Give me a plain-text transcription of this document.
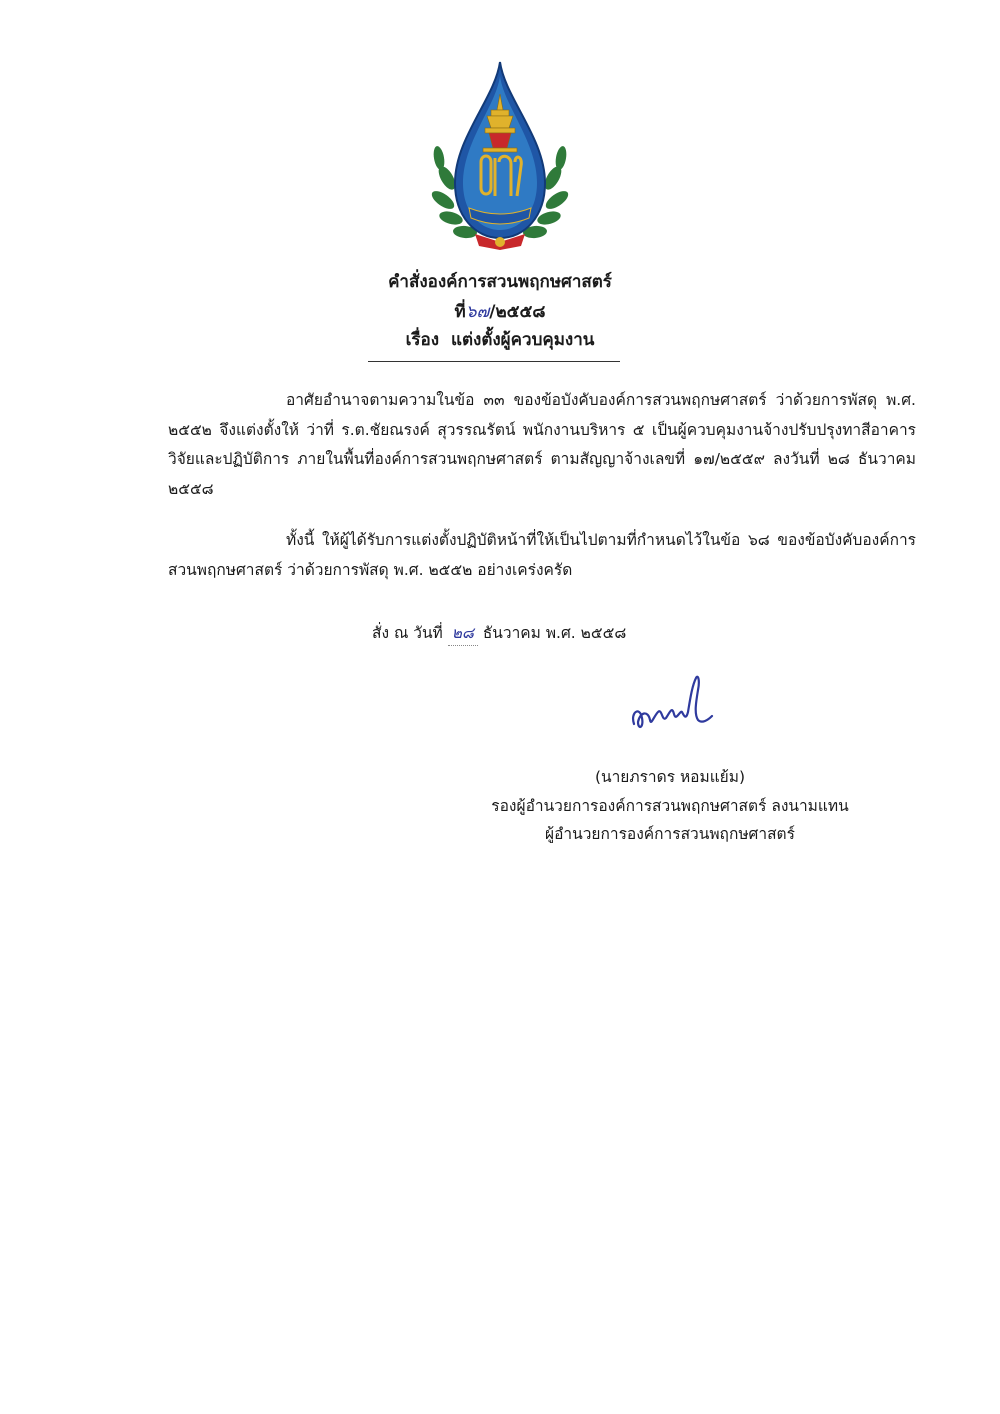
คำสั่งองค์การสวนพฤกษศาสตร์
ที่๖๗/๒๕๕๘
เรื่อง แต่งตั้งผู้ควบคุมงาน
อาศัยอำนาจตามความในข้อ ๓๓ ของข้อบังคับองค์การสวนพฤกษศาสตร์ ว่าด้วยการพัสดุ พ.ศ. ๒๕๕๒ จึงแต่งตั้งให้ ว่าที่ ร.ต.ชัยณรงค์ สุวรรณรัตน์ พนักงานบริหาร ๕ เป็นผู้ควบคุมงานจ้างปรับปรุงทาสีอาคารวิจัยและปฏิบัติการ ภายในพื้นที่องค์การสวนพฤกษศาสตร์ ตามสัญญาจ้างเลขที่ ๑๗/๒๕๕๙ ลงวันที่ ๒๘ ธันวาคม ๒๕๕๘
ทั้งนี้ ให้ผู้ได้รับการแต่งตั้งปฏิบัติหน้าที่ให้เป็นไปตามที่กำหนดไว้ในข้อ ๖๘ ของข้อบังคับองค์การสวนพฤกษศาสตร์ ว่าด้วยการพัสดุ พ.ศ. ๒๕๕๒ อย่างเคร่งครัด
สั่ง ณ วันที่ ๒๘ ธันวาคม พ.ศ. ๒๕๕๘
(นายภราดร หอมแย้ม)
รองผู้อำนวยการองค์การสวนพฤกษศาสตร์ ลงนามแทน
ผู้อำนวยการองค์การสวนพฤกษศาสตร์
